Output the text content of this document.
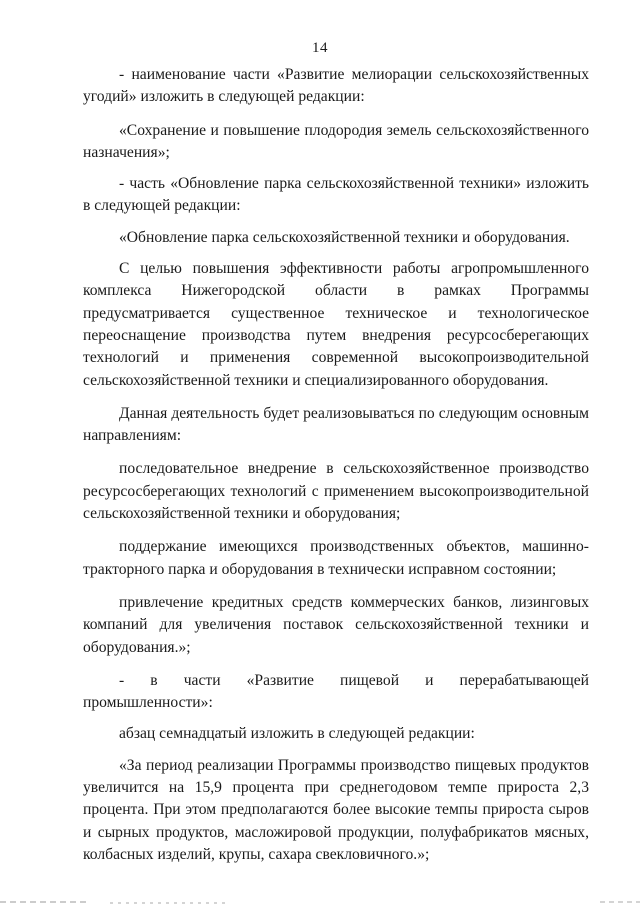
14

- наименование части «Развитие мелиорации сельскохозяйственных угодий» изложить в следующей редакции:

«Сохранение и повышение плодородия земель сельскохозяйственного назначения»;

- часть «Обновление парка сельскохозяйственной техники» изложить в следующей редакции:

«Обновление парка сельскохозяйственной техники и оборудования.

С целью повышения эффективности работы агропромышленного комплекса Нижегородской области в рамках Программы предусматривается существенное техническое и технологическое переоснащение производства путем внедрения ресурсосберегающих технологий и применения современной высокопроизводительной сельскохозяйственной техники и специализированного оборудования.

Данная деятельность будет реализовываться по следующим основным направлениям:

последовательное внедрение в сельскохозяйственное производство ресурсосберегающих технологий с применением высокопроизводительной сельскохозяйственной техники и оборудования;

поддержание имеющихся производственных объектов, машинно-тракторного парка и оборудования в технически исправном состоянии;

привлечение кредитных средств коммерческих банков, лизинговых компаний для увеличения поставок сельскохозяйственной техники и оборудования.»;

- в части «Развитие пищевой и перерабатывающей промышленности»:

абзац семнадцатый изложить в следующей редакции:

«За период реализации Программы производство пищевых продуктов увеличится на 15,9 процента при среднегодовом темпе прироста 2,3 процента. При этом предполагаются более высокие темпы прироста сыров и сырных продуктов, масложировой продукции, полуфабрикатов мясных, колбасных изделий, крупы, сахара свекловичного.»;
